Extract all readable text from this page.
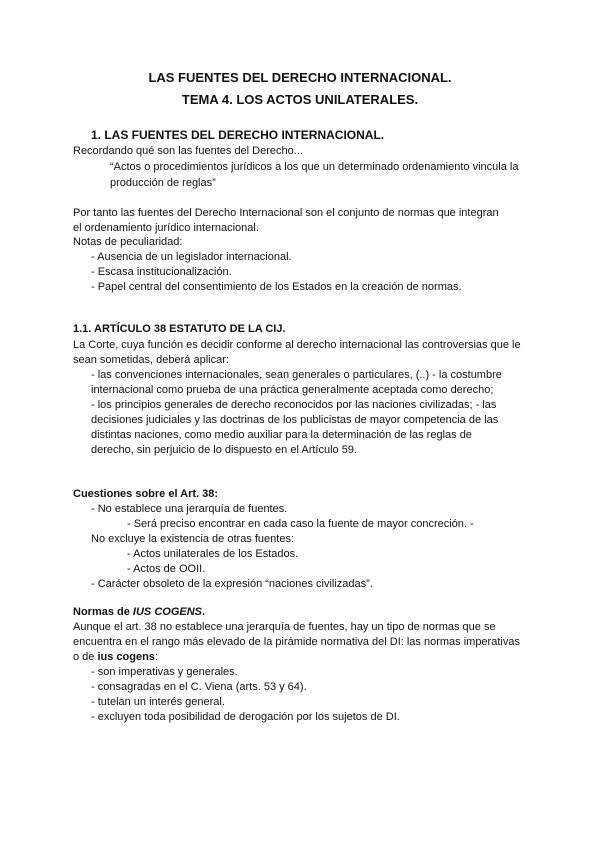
LAS FUENTES DEL DERECHO INTERNACIONAL.
TEMA 4. LOS ACTOS UNILATERALES.
1. LAS FUENTES DEL DERECHO INTERNACIONAL.
Recordando qué son las fuentes del Derecho...
“Actos o procedimientos jurídicos a los que un determinado ordenamiento vincula la
producción de reglas”
Por tanto las fuentes del Derecho Internacional son el conjunto de normas que integran
el ordenamiento jurídico internacional.
Notas de peculiaridad:
- Ausencia de un legislador internacional.
- Escasa institucionalización.
- Papel central del consentimiento de los Estados en la creación de normas.
1.1. ARTÍCULO 38 ESTATUTO DE LA CIJ.
La Corte, cuya función es decidir conforme al derecho internacional las controversias que le
sean sometidas, deberá aplicar:
- las convenciones internacionales, sean generales o particulares, (..) - la costumbre
internacional como prueba de una práctica generalmente aceptada como derecho;
- los principios generales de derecho reconocidos por las naciones civilizadas; - las
decisiones judiciales y las doctrinas de los publicistas de mayor competencia de las
distintas naciones, como medio auxiliar para la determinación de las reglas de
derecho, sin perjuicio de lo dispuesto en el Artículo 59.
Cuestiones sobre el Art. 38:
- No establece una jerarquía de fuentes.
- Será preciso encontrar en cada caso la fuente de mayor concreción. -
No excluye la existencia de otras fuentes:
- Actos unilaterales de los Estados.
- Actos de OOII.
- Carácter obsoleto de la expresión “naciones civilizadas”.
Normas de IUS COGENS.
Aunque el art. 38 no establece una jerarquía de fuentes, hay un tipo de normas que se
encuentra en el rango más elevado de la pirámide normativa del DI: las normas imperativas
o de ius cogens:
- son imperativas y generales.
- consagradas en el C. Viena (arts. 53 y 64).
- tutelan un interés general.
- excluyen toda posibilidad de derogación por los sujetos de DI.
